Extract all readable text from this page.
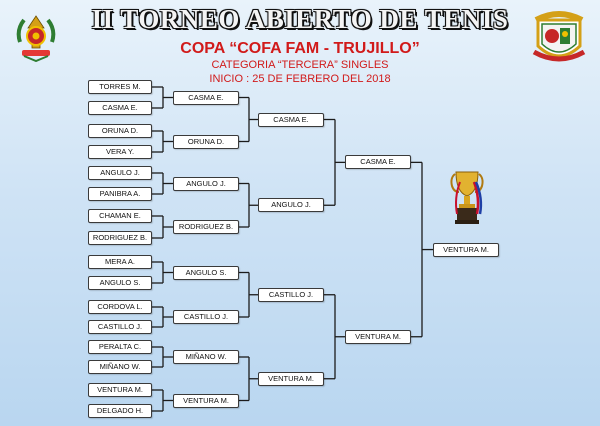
II TORNEO ABIERTO DE TENIS
COPA “COFA FAM - TRUJILLO”
CATEGORIA “TERCERA” SINGLES
INICIO : 25 DE FEBRERO DEL 2018
TORRES M.
CASMA E.
ORUNA D.
VERA Y.
ANGULO J.
PANIBRA A.
CHAMAN E.
RODRIGUEZ B.
MERA A.
ANGULO S.
CORDOVA L.
CASTILLO J.
PERALTA C.
MIÑANO W.
VENTURA M.
DELGADO H.
CASMA E.
ORUNA D.
ANGULO J.
RODRIGUEZ B.
ANGULO S.
CASTILLO J.
MIÑANO W.
VENTURA M.
CASMA E.
ANGULO J.
CASTILLO J.
VENTURA M.
CASMA E.
VENTURA M.
VENTURA M.
